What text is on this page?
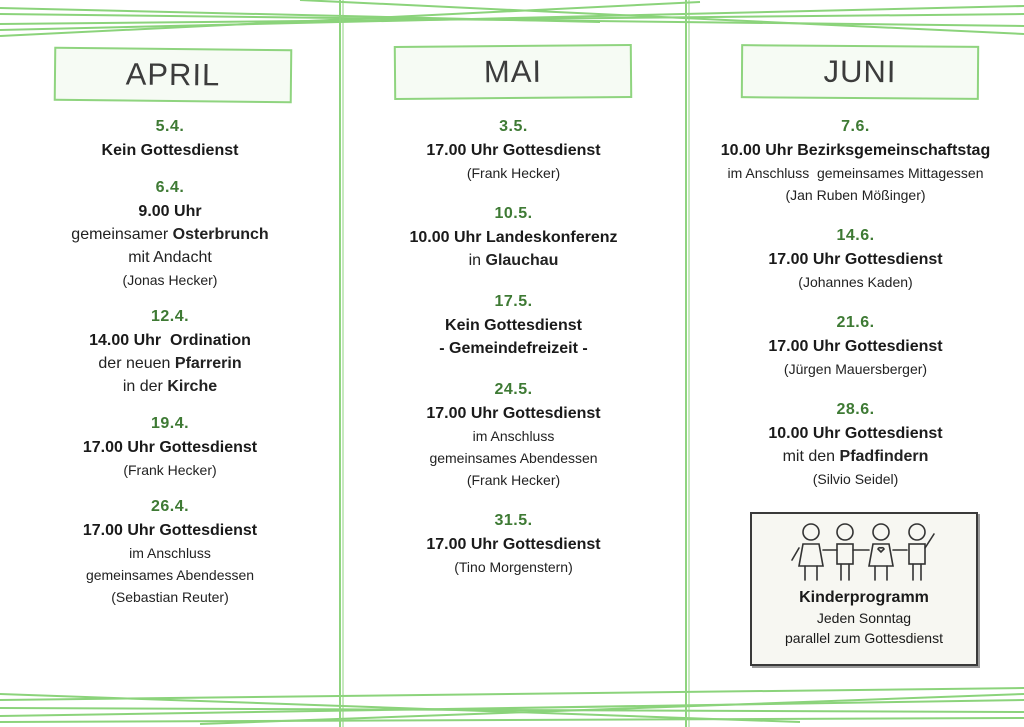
APRIL
5.4.
Kein Gottesdienst
6.4.
9.00 Uhr
gemeinsamer Osterbrunch
mit Andacht
(Jonas Hecker)
12.4.
14.00 Uhr  Ordination
der neuen Pfarrerin
in der Kirche
19.4.
17.00 Uhr Gottesdienst
(Frank Hecker)
26.4.
17.00 Uhr Gottesdienst
im Anschluss
gemeinsames Abendessen
(Sebastian Reuter)
MAI
3.5.
17.00 Uhr Gottesdienst
(Frank Hecker)
10.5.
10.00 Uhr Landeskonferenz
in Glauchau
17.5.
Kein Gottesdienst
- Gemeindefreizeit -
24.5.
17.00 Uhr Gottesdienst
im Anschluss
gemeinsames Abendessen
(Frank Hecker)
31.5.
17.00 Uhr Gottesdienst
(Tino Morgenstern)
JUNI
7.6.
10.00 Uhr Bezirksgemeinschaftstag
im Anschluss  gemeinsames Mittagessen
(Jan Ruben Mößinger)
14.6.
17.00 Uhr Gottesdienst
(Johannes Kaden)
21.6.
17.00 Uhr Gottesdienst
(Jürgen Mauersberger)
28.6.
10.00 Uhr Gottesdienst
mit den Pfadfindern
(Silvio Seidel)
Kinderprogramm
Jeden Sonntag
parallel zum Gottesdienst
